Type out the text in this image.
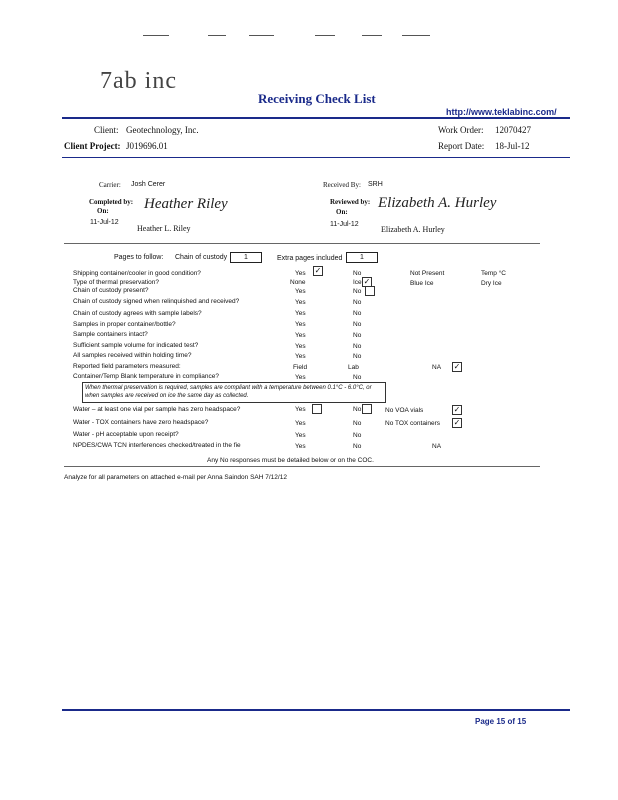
7ab inc
Receiving Check List
http://www.teklabinc.com/
Client: Geotechnology, Inc.
Client Project: J019696.01
Work Order: 12070427
Report Date: 18-Jul-12
Carrier: Josh Cerer	Received By: SRH
Completed by:
On:
11-Jul-12
Heather Riley
Heather L. Riley
Reviewed by:
On:
11-Jul-12
Elizabeth A. Hurley
Elizabeth A. Hurley
Pages to follow: Chain of custody	1	Extra pages included	1
Shipping container/cooler in good condition?	Yes ✓	No	Not Present	Temp °C
Type of thermal preservation?	None	Ice ✓	Blue Ice	Dry Ice
Chain of custody present?	Yes	No
Chain of custody signed when relinquished and received?	Yes	No
Chain of custody agrees with sample labels?	Yes	No
Samples in proper container/bottle?	Yes	No
Sample containers intact?	Yes	No
Sufficient sample volume for indicated test?	Yes	No
All samples received within holding time?	Yes	No
Reported field parameters measured:	Field	Lab	NA ✓
Container/Temp Blank temperature in compliance?	Yes	No
When thermal preservation is required, samples are compliant with a temperature between 0.1°C - 6.0°C, or when samples are received on ice the same day as collected.
Water – at least one vial per sample has zero headspace?	Yes	No	No VOA vials	✓
Water - TOX containers have zero headspace?	Yes	No	No TOX containers ✓
Water - pH acceptable upon receipt?	Yes	No
NPDES/CWA TCN interferences checked/treated in the fie	Yes	No	NA
Any No responses must be detailed below or on the COC.
Analyze for all parameters on attached e-mail per Anna Saindon SAH 7/12/12
Page 15 of 15
